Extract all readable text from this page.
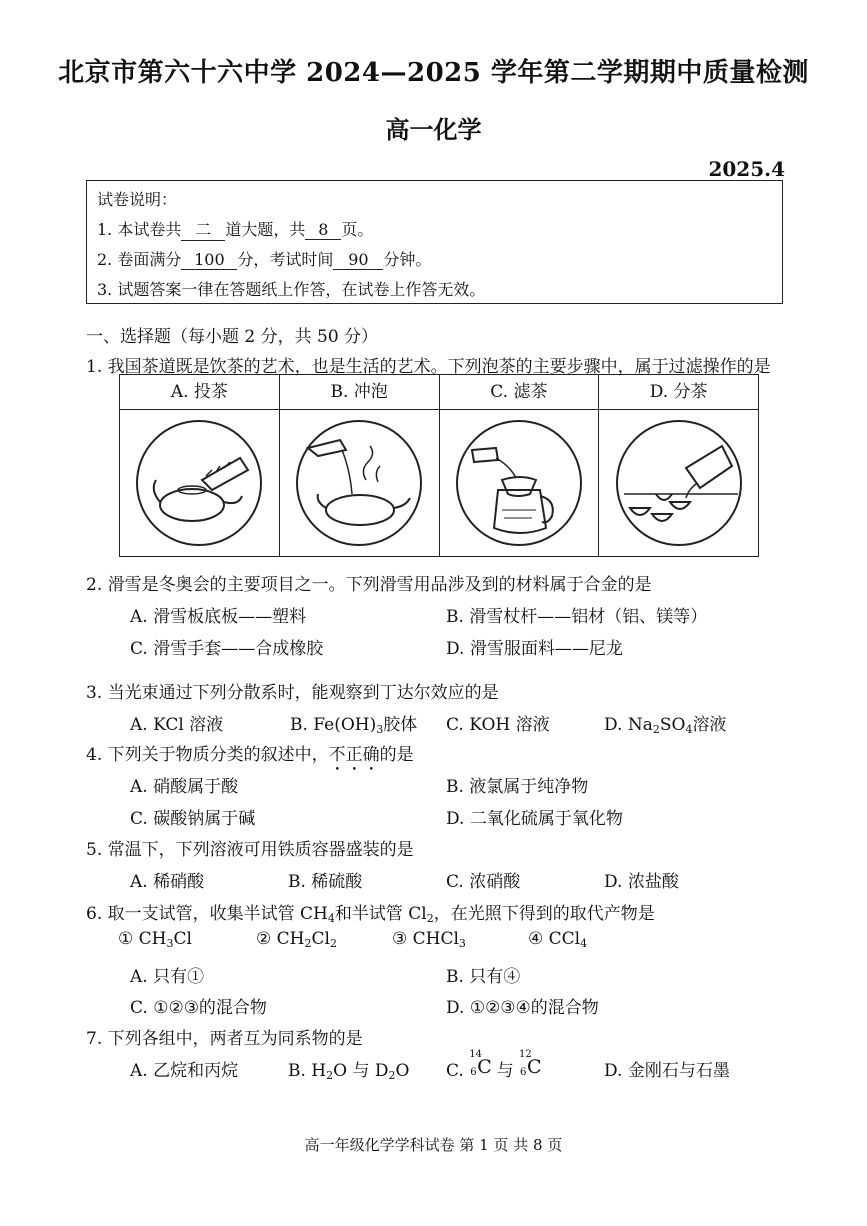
北京市第六十六中学 2024—2025 学年第二学期期中质量检测
高一化学
2025.4
试卷说明：
1. 本试卷共 二 道大题，共 8 页。
2. 卷面满分 100 分，考试时间 90 分钟。
3. 试题答案一律在答题纸上作答，在试卷上作答无效。
一、选择题（每小题 2 分，共 50 分）
1. 我国茶道既是饮茶的艺术，也是生活的艺术。下列泡茶的主要步骤中，属于过滤操作的是
A. 投茶	B. 冲泡	C. 滤茶	D. 分茶
2. 滑雪是冬奥会的主要项目之一。下列滑雪用品涉及到的材料属于合金的是
A. 滑雪板底板——塑料	B. 滑雪杖杆——铝材（铝、镁等）
C. 滑雪手套——合成橡胶	D. 滑雪服面料——尼龙
3. 当光束通过下列分散系时，能观察到丁达尔效应的是
A. KCl 溶液	B. $Fe(OH)_3$胶体 C. KOH 溶液	D. $Na_2SO_4$溶液
4. 下列关于物质分类的叙述中，不正确的是
A. 硝酸属于酸	B. 液氯属于纯净物
C. 碳酸钠属于碱	D. 二氧化硫属于氧化物
5. 常温下，下列溶液可用铁质容器盛装的是
A. 稀硝酸	B. 稀硫酸	C. 浓硝酸	D. 浓盐酸
6. 取一支试管，收集半试管 $CH_4$和半试管 $Cl_2$，在光照下得到的取代产物是
① $CH_3Cl$	② $CH_2Cl_2$	③ CHCl$_3$	④ CCl$_4$
A. 只有①	B. 只有④
C. ①②③的混合物	D. ①②③④的混合物
7. 下列各组中，两者互为同系物的是
A. 乙烷和丙烷	B. $H_2O$ 与 $D_2O$ C.
14
6 C 与
12
6 C	D. 金刚石与石墨
高一年级化学学科试卷 第 1 页 共 8 页
